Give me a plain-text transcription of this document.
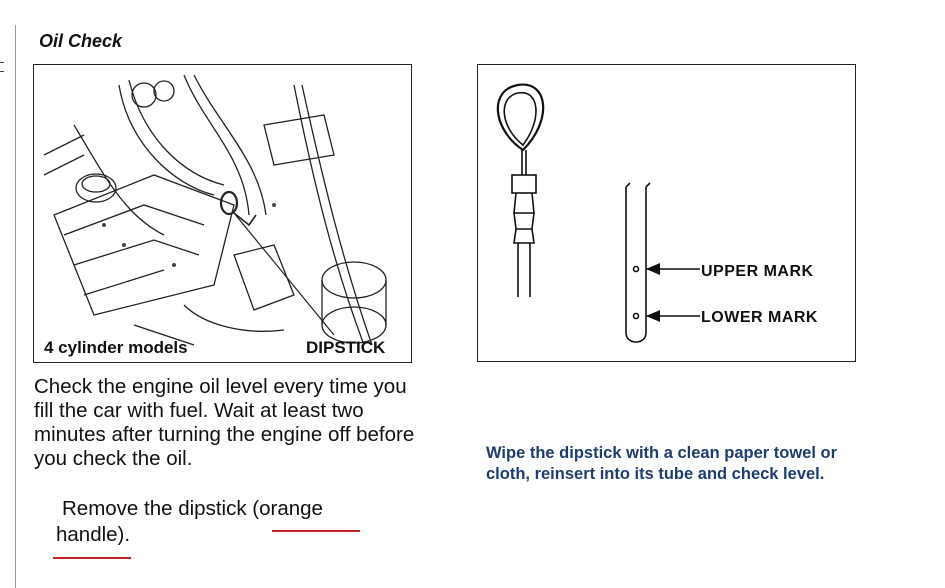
Oil Check
4 cylinder models	DIPSTICK
UPPER MARK
LOWER MARK
Check the engine oil level every time you fill the car with fuel. Wait at least two minutes after turning the engine off before you check the oil.
Remove the dipstick (orange handle).
Wipe the dipstick with a clean paper towel or cloth, reinsert into its tube and check level.
